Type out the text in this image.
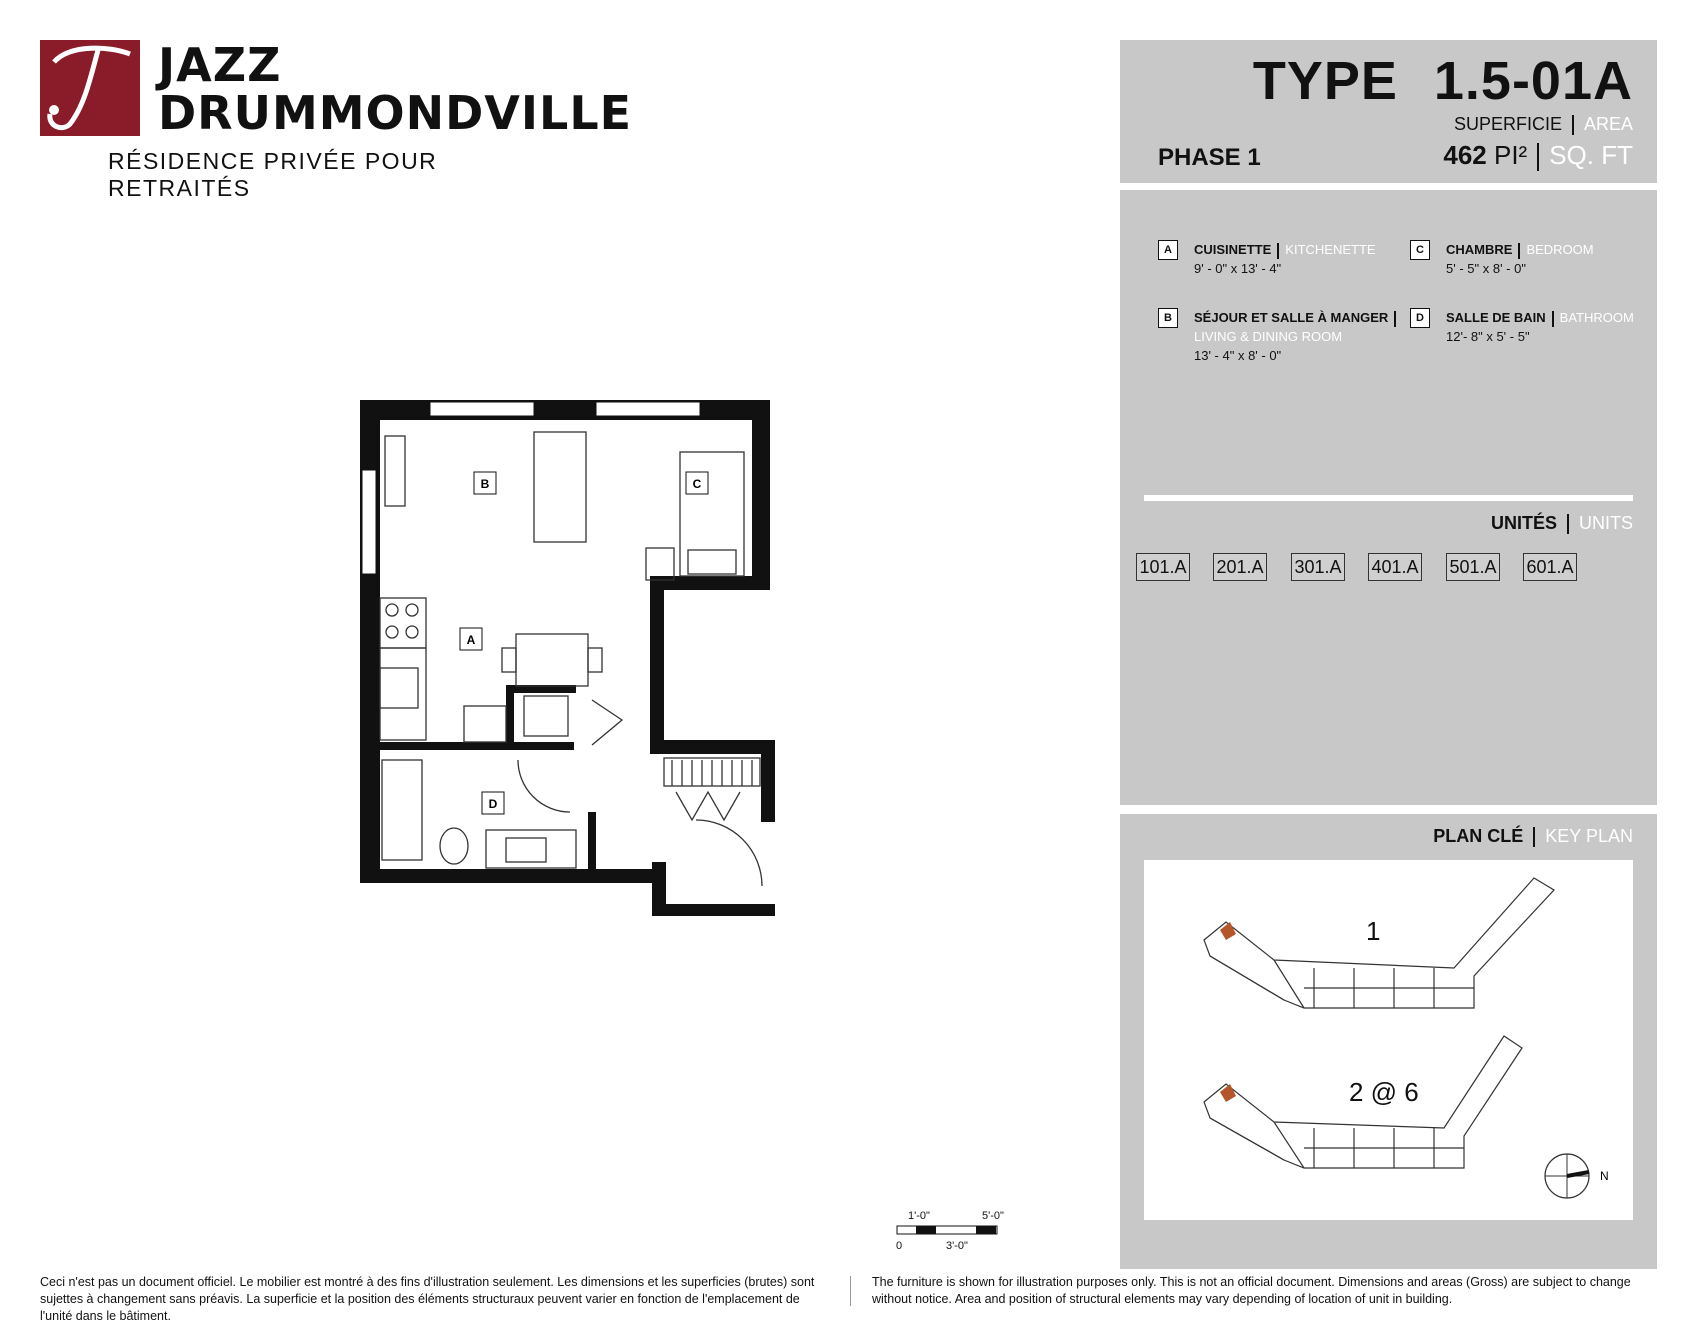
JAZZ
DRUMMONDVILLE
RÉSIDENCE PRIVÉE POUR RETRAITÉS
TYPE 1.5-01A
SUPERFICIE AREA
PHASE 1	462 PI² SQ. FT
A	CUISINETTE KITCHENETTE
9' - 0" x 13' - 4"
B	SÉJOUR ET SALLE À MANGER
LIVING & DINING ROOM
13' - 4" x 8' - 0"
C	CHAMBRE BEDROOM
5' - 5" x 8' - 0"
D	SALLE DE BAIN BATHROOM
12'- 8" x 5' - 5"
UNITÉS UNITS
101.A 201.A 301.A 401.A 501.A 601.A
PLAN CLÉ KEY PLAN
1
2 @ 6
N
B	C
A
D
1'-0"	5'-0"
0	3'-0"
Ceci n'est pas un document officiel. Le mobilier est montré à des fins d'illustration seulement. Les dimensions et les superficies (brutes) sont sujettes à changement sans préavis. La superficie et la position des éléments structuraux peuvent varier en fonction de l'emplacement de l'unité dans le bâtiment.
The furniture is shown for illustration purposes only. This is not an official document. Dimensions and areas (Gross) are subject to change without notice. Area and position of structural elements may vary depending of location of unit in building.
